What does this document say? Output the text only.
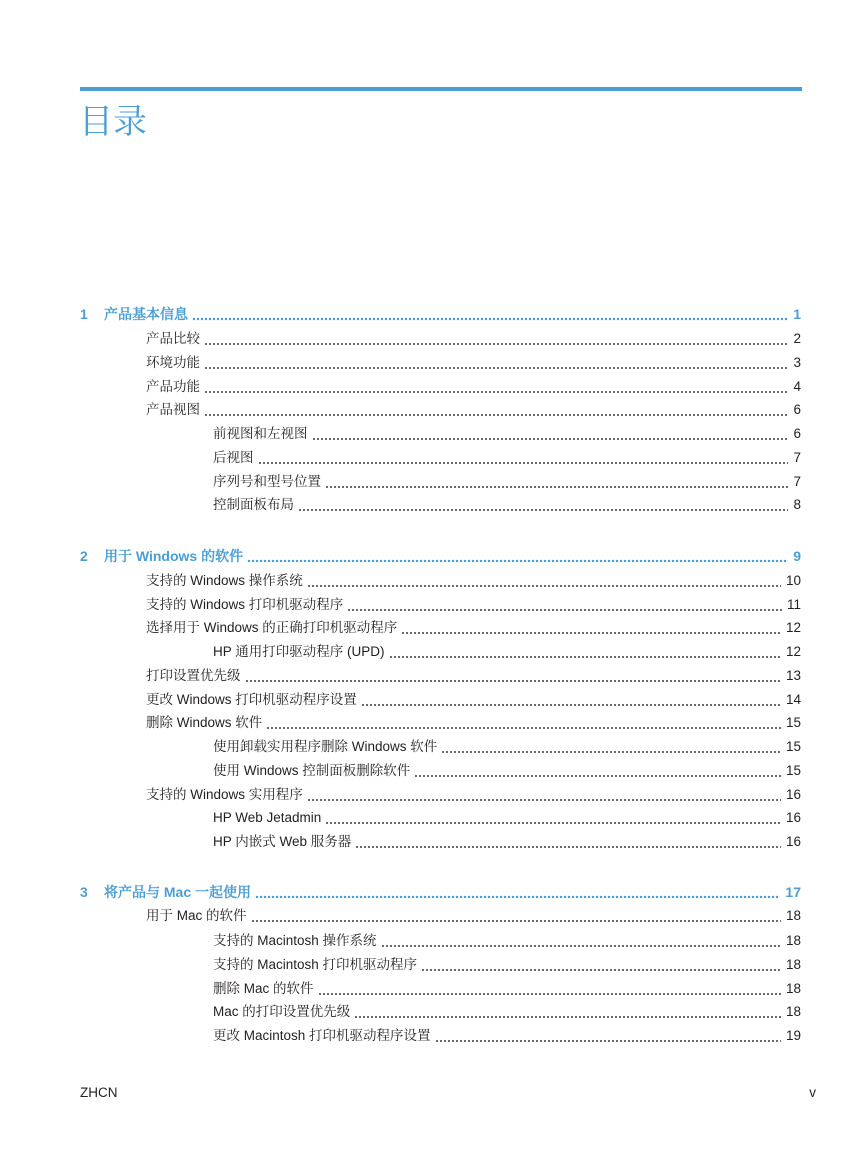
目录
1	产品基本信息	1
产品比较	2
环境功能	3
产品功能	4
产品视图	6
前视图和左视图	6
后视图	7
序列号和型号位置	7
控制面板布局	8
2	用于 Windows 的软件	9
支持的 Windows 操作系统	10
支持的 Windows 打印机驱动程序	11
选择用于 Windows 的正确打印机驱动程序	12
HP 通用打印驱动程序 (UPD)	12
打印设置优先级	13
更改 Windows 打印机驱动程序设置	14
删除 Windows 软件	15
使用卸载实用程序删除 Windows 软件	15
使用 Windows 控制面板删除软件	15
支持的 Windows 实用程序	16
HP Web Jetadmin	16
HP 内嵌式 Web 服务器	16
3	将产品与 Mac 一起使用	17
用于 Mac 的软件	18
支持的 Macintosh 操作系统	18
支持的 Macintosh 打印机驱动程序	18
删除 Mac 的软件	18
Mac 的打印设置优先级	18
更改 Macintosh 打印机驱动程序设置	19
ZHCN	v
